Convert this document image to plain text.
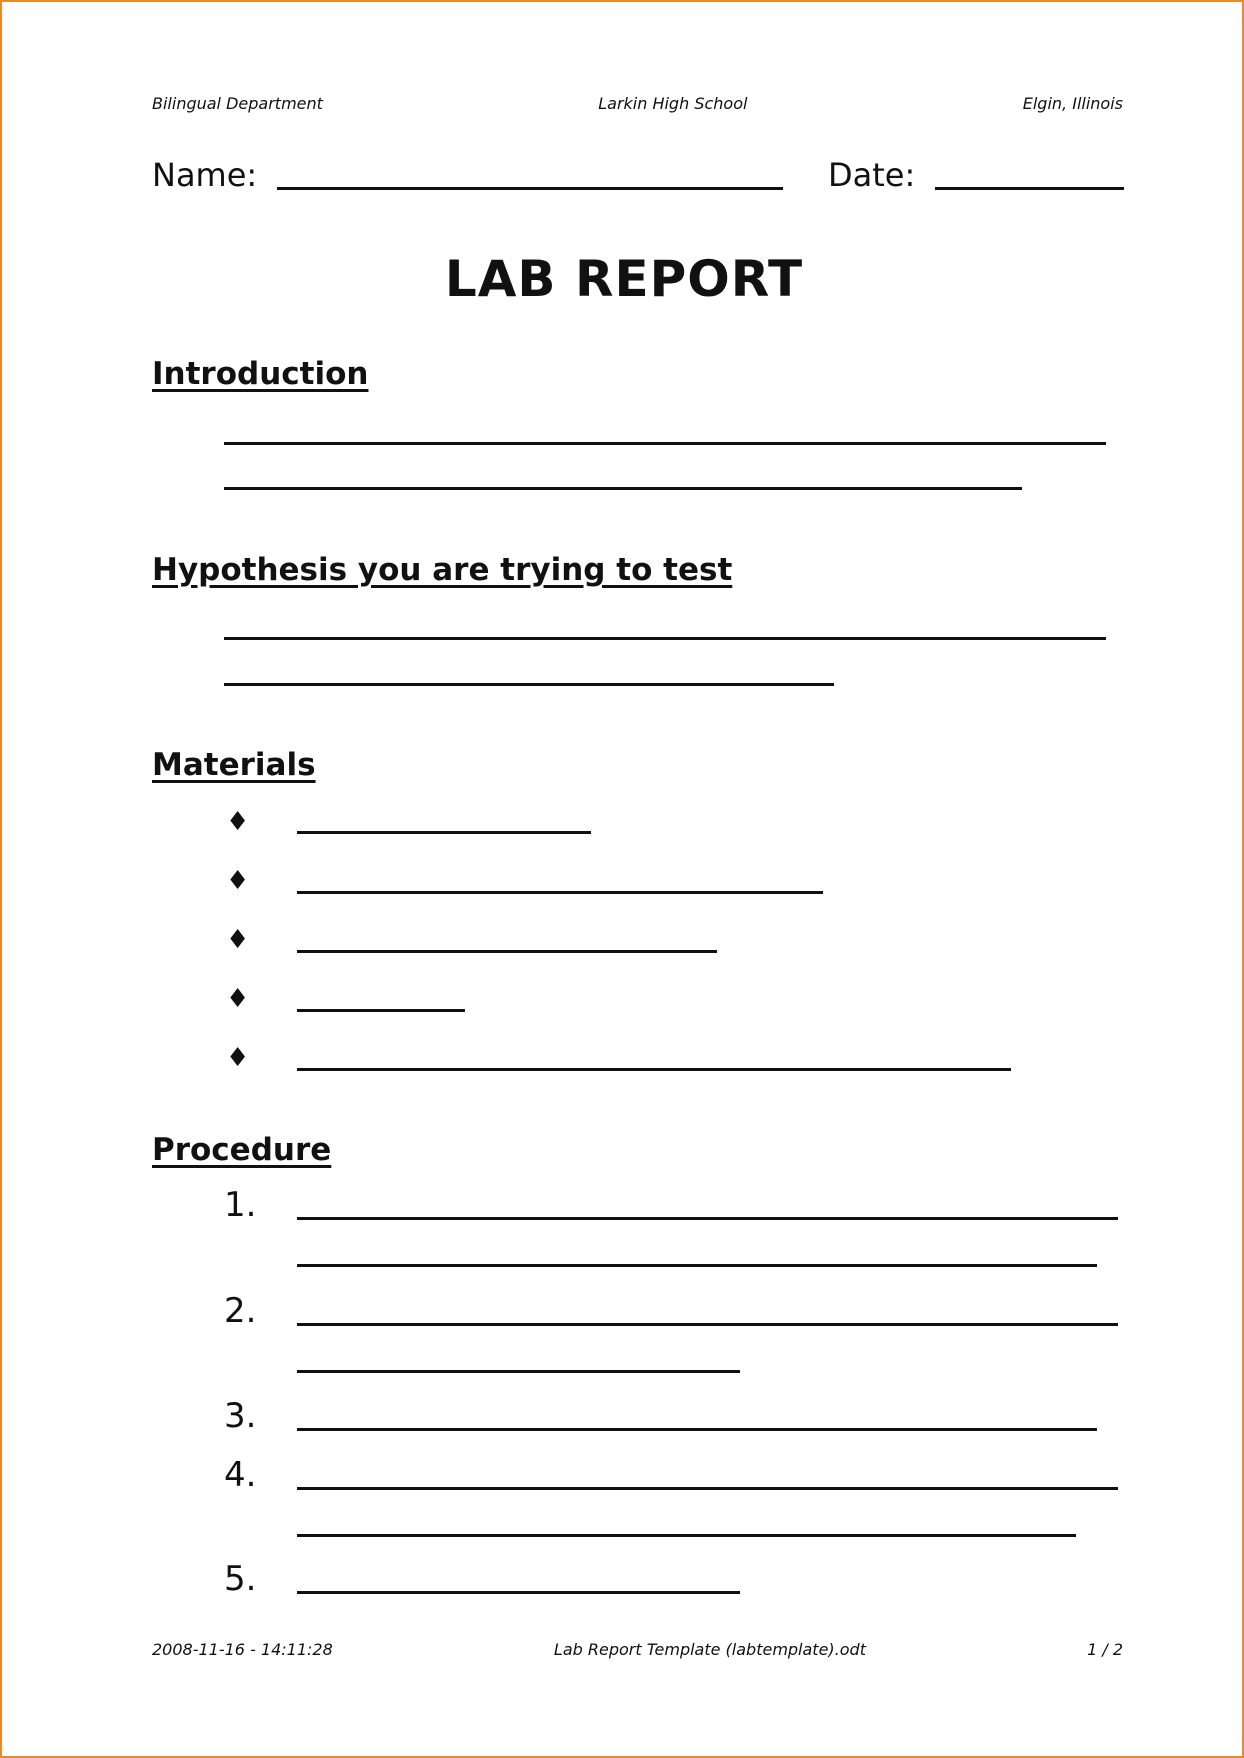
Bilingual Department	Larkin High School	Elgin, Illinois
Name:	Date:
LAB REPORT
Introduction
Hypothesis you are trying to test
Materials
♦
♦
♦
♦
♦
Procedure
1.
2.
3.
4.
5.
2008-11-16 - 14:11:28	Lab Report Template (labtemplate).odt	1 / 2
